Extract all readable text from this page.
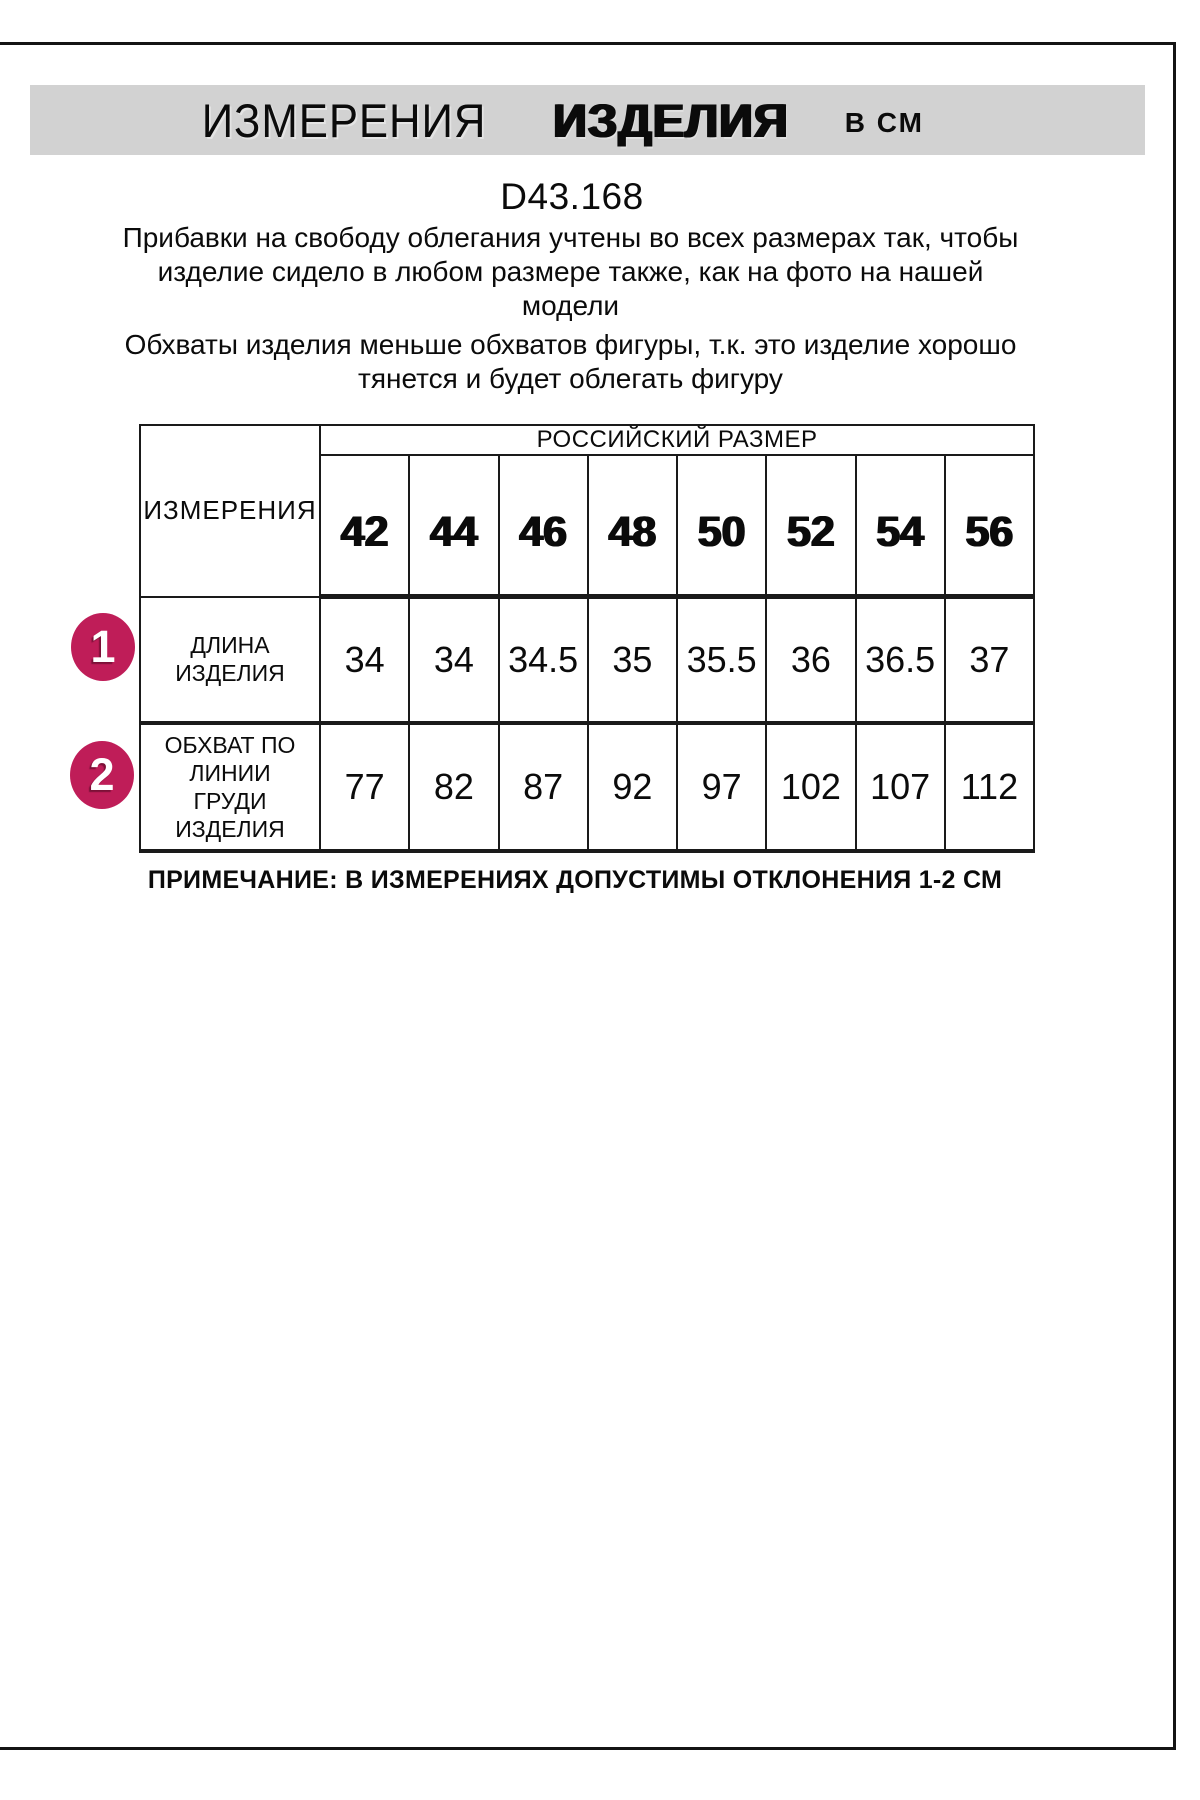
ИЗМЕРЕНИЯ ИЗДЕЛИЯ В СМ
D43.168

Прибавки на свободу облегания учтены во всех размерах так, чтобы изделие сидело в любом размере также, как на фото на нашей модели

Обхваты изделия меньше обхватов фигуры, т.к. это изделие хорошо тянется и будет облегать фигуру

ИЗМЕРЕНИЯ	РОССИЙСКИЙ РАЗМЕР							
	42	44	46	48	50	52	54	56
ДЛИНА ИЗДЕЛИЯ	34	34	34.5	35	35.5	36	36.5	37
ОБХВАТ ПО ЛИНИИ ГРУДИ ИЗДЕЛИЯ	77	82	87	92	97	102	107	112
1
2
ПРИМЕЧАНИЕ: В ИЗМЕРЕНИЯХ ДОПУСТИМЫ ОТКЛОНЕНИЯ 1-2 СМ
